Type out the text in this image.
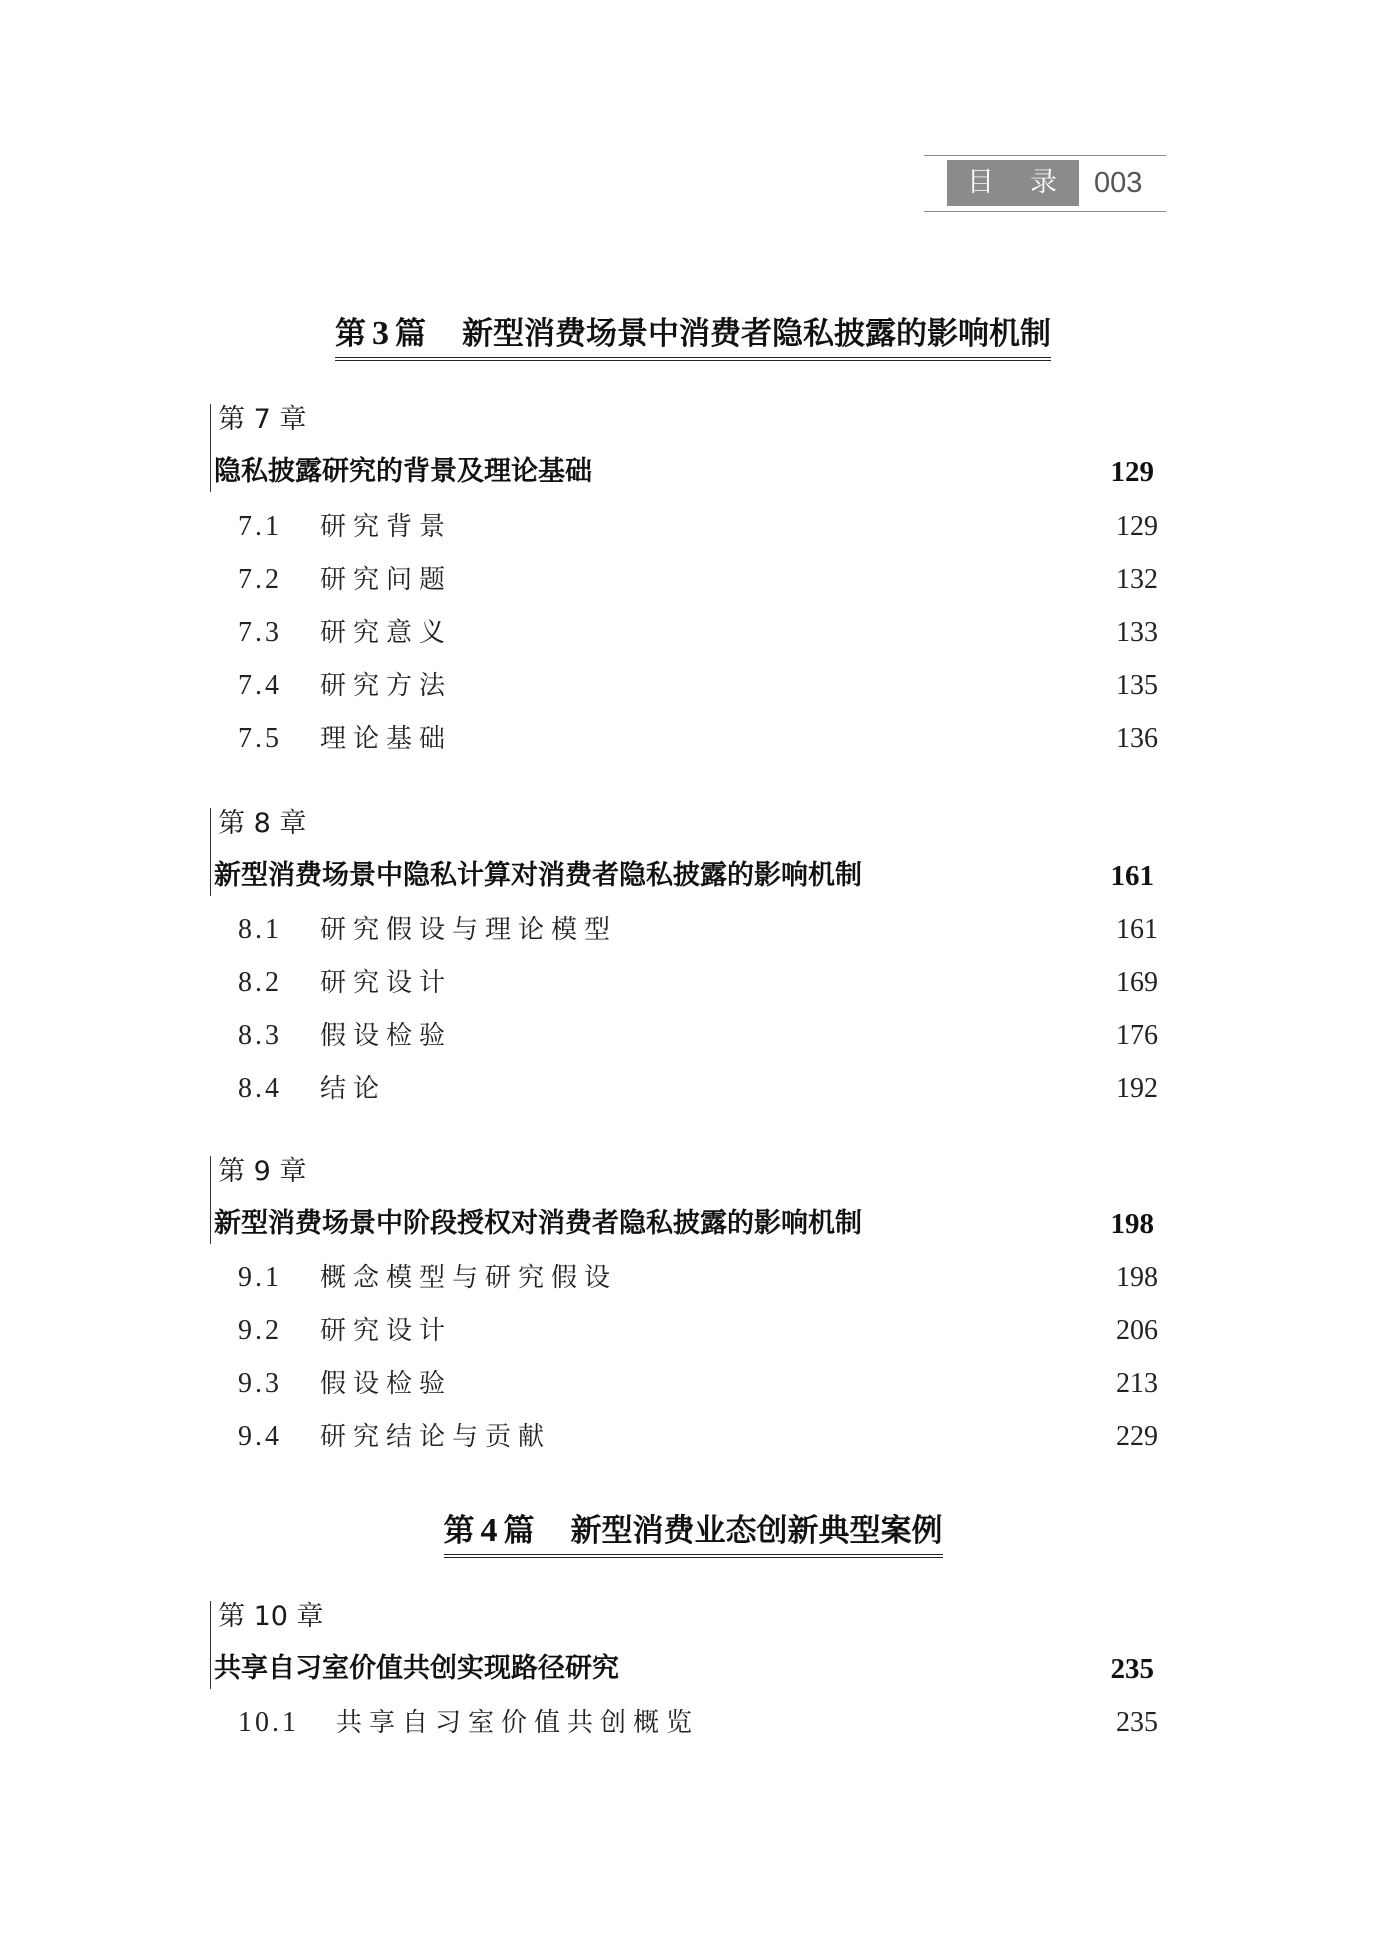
目录 003
第 3 篇 新型消费场景中消费者隐私披露的影响机制
第 7 章
隐私披露研究的背景及理论基础	129
7.1 研究背景	129
7.2 研究问题	132
7.3 研究意义	133
7.4 研究方法	135
7.5 理论基础	136
第 8 章
新型消费场景中隐私计算对消费者隐私披露的影响机制	161
8.1 研究假设与理论模型	161
8.2 研究设计	169
8.3 假设检验	176
8.4 结论	192
第 9 章
新型消费场景中阶段授权对消费者隐私披露的影响机制	198
9.1 概念模型与研究假设	198
9.2 研究设计	206
9.3 假设检验	213
9.4 研究结论与贡献	229
第 4 篇 新型消费业态创新典型案例
第 10 章
共享自习室价值共创实现路径研究	235
10.1 共享自习室价值共创概览	235
